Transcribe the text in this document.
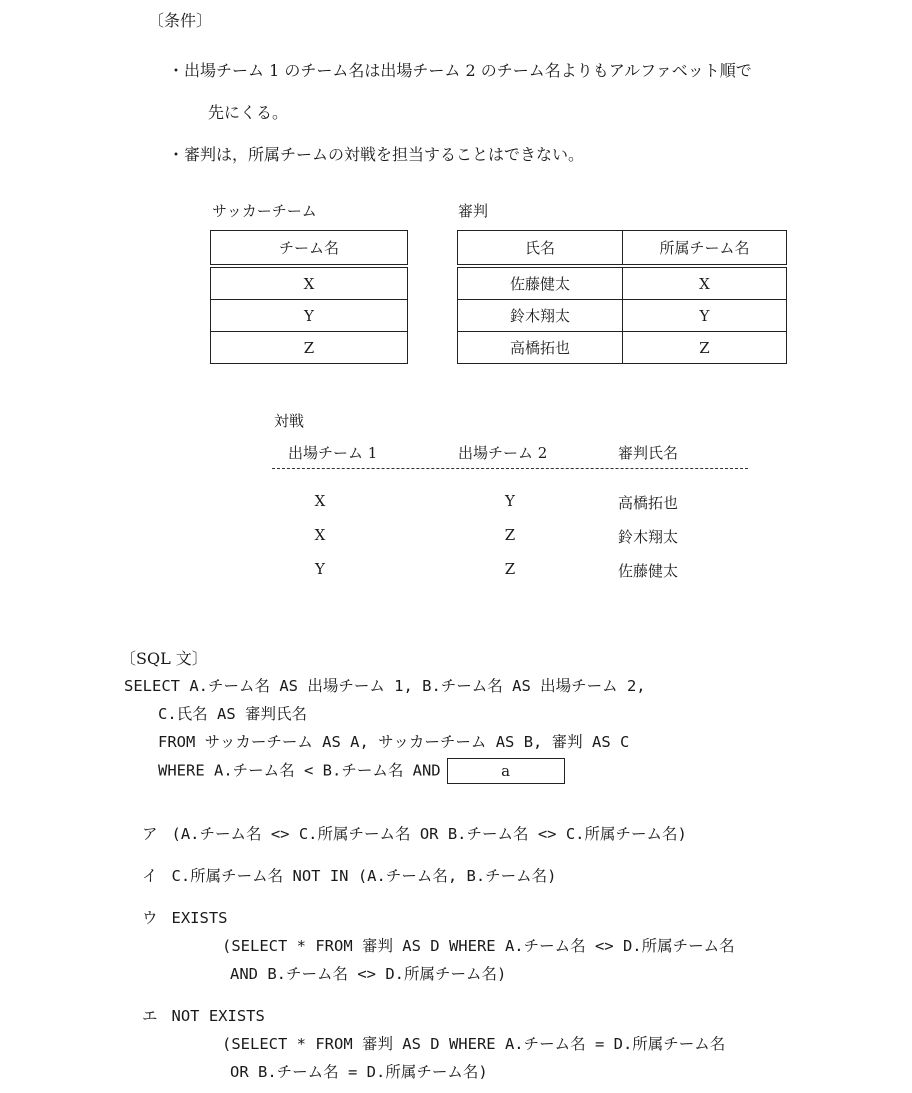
〔条件〕
・出場チーム 1 のチーム名は出場チーム 2 のチーム名よりもアルファベット順で
先にくる。
・審判は，所属チームの対戦を担当することはできない。
サッカーチーム
チーム名
X
Y
Z
審判
氏名	所属チーム名
佐藤健太	X
鈴木翔太	Y
高橋拓也	Z
対戦
出場チーム 1	出場チーム 2	審判氏名
X	Y	高橋拓也
X	Z	鈴木翔太
Y	Z	佐藤健太
〔SQL 文〕
SELECT A.チーム名 AS 出場チーム 1, B.チーム名 AS 出場チーム 2,
C.氏名 AS 審判氏名
FROM サッカーチーム AS A, サッカーチーム AS B, 審判 AS C
WHERE A.チーム名 < B.チーム名 AND	a
ア (A.チーム名 <> C.所属チーム名 OR B.チーム名 <> C.所属チーム名)
イ C.所属チーム名 NOT IN (A.チーム名, B.チーム名)
ウ EXISTS
(SELECT * FROM 審判 AS D WHERE A.チーム名 <> D.所属チーム名
AND B.チーム名 <> D.所属チーム名)
エ NOT EXISTS
(SELECT * FROM 審判 AS D WHERE A.チーム名 = D.所属チーム名
OR B.チーム名 = D.所属チーム名)
